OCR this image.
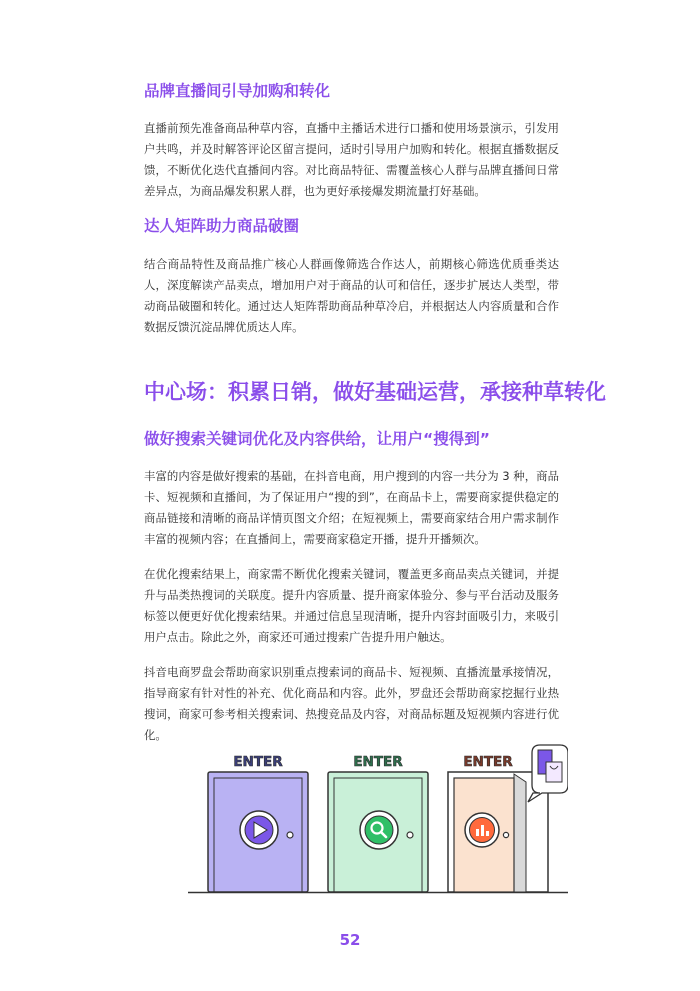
品牌直播间引导加购和转化

直播前预先准备商品种草内容，直播中主播话术进行口播和使用场景演示，引发用户共鸣，并及时解答评论区留言提问，适时引导用户加购和转化。根据直播数据反馈，不断优化迭代直播间内容。对比商品特征、需覆盖核心人群与品牌直播间日常差异点，为商品爆发积累人群，也为更好承接爆发期流量打好基础。

达人矩阵助力商品破圈

结合商品特性及商品推广核心人群画像筛选合作达人，前期核心筛选优质垂类达人，深度解读产品卖点，增加用户对于商品的认可和信任，逐步扩展达人类型，带动商品破圈和转化。通过达人矩阵帮助商品种草冷启，并根据达人内容质量和合作数据反馈沉淀品牌优质达人库。

中心场：积累日销，做好基础运营，承接种草转化
做好搜索关键词优化及内容供给，让用户“搜得到”

丰富的内容是做好搜索的基础，在抖音电商，用户搜到的内容一共分为 3 种，商品卡、短视频和直播间，为了保证用户“搜的到”，在商品卡上，需要商家提供稳定的商品链接和清晰的商品详情页图文介绍；在短视频上，需要商家结合用户需求制作丰富的视频内容；在直播间上，需要商家稳定开播，提升开播频次。

在优化搜索结果上，商家需不断优化搜索关键词，覆盖更多商品卖点关键词，并提升与品类热搜词的关联度。提升内容质量、提升商家体验分、参与平台活动及服务标签以便更好优化搜索结果。并通过信息呈现清晰，提升内容封面吸引力，来吸引用户点击。除此之外，商家还可通过搜索广告提升用户触达。

抖音电商罗盘会帮助商家识别重点搜索词的商品卡、短视频、直播流量承接情况，指导商家有针对性的补充、优化商品和内容。此外，罗盘还会帮助商家挖掘行业热搜词，商家可参考相关搜索词、热搜竞品及内容，对商品标题及短视频内容进行优化。

ENTER	ENTER	ENTER
52
